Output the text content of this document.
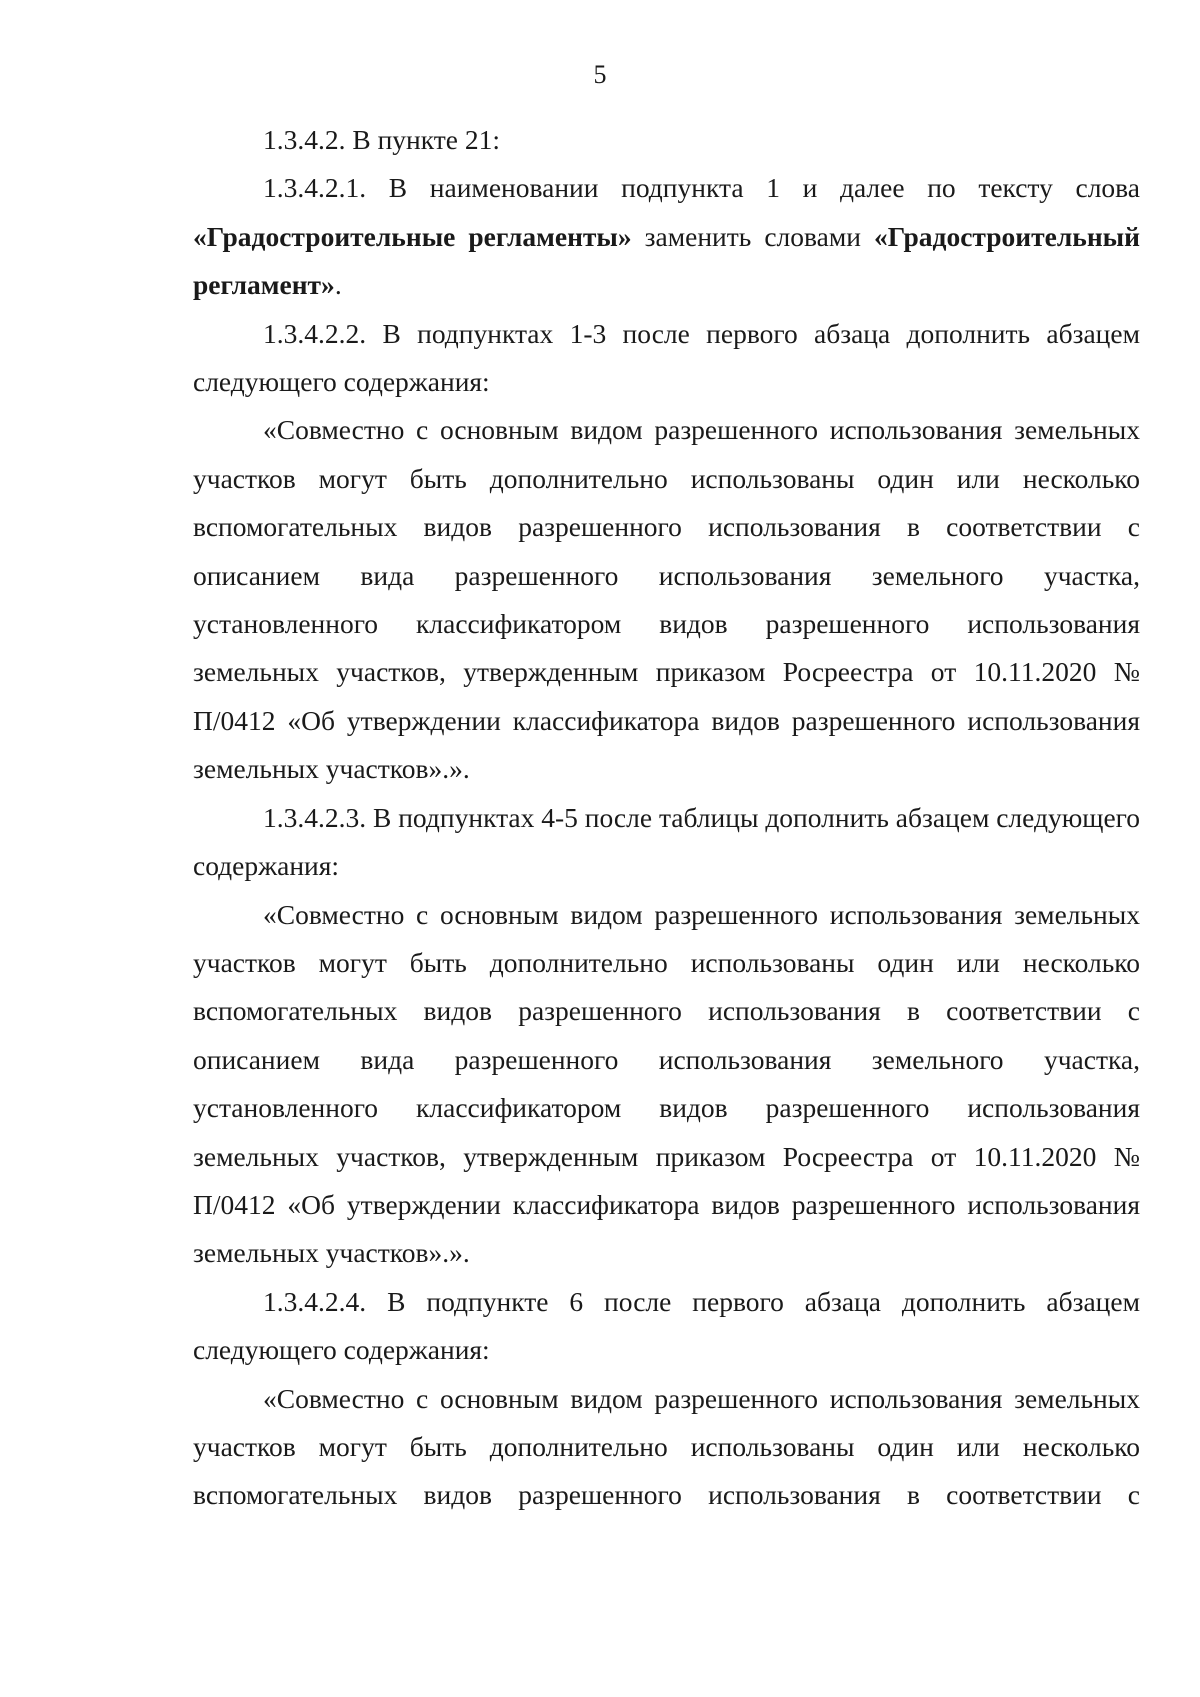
5

1.3.4.2. В пункте 21:

1.3.4.2.1. В наименовании подпункта 1 и далее по тексту слова «Градостроительные регламенты» заменить словами «Градостроительный регламент».

1.3.4.2.2. В подпунктах 1-3 после первого абзаца дополнить абзацем следующего содержания:

«Совместно с основным видом разрешенного использования земельных участков могут быть дополнительно использованы один или несколько вспомогательных видов разрешенного использования в соответствии с описанием вида разрешенного использования земельного участка, установленного классификатором видов разрешенного использования земельных участков, утвержденным приказом Росреестра от 10.11.2020 № П/0412 «Об утверждении классификатора видов разрешенного использования земельных участков».».

1.3.4.2.3. В подпунктах 4-5 после таблицы дополнить абзацем следующего содержания:

«Совместно с основным видом разрешенного использования земельных участков могут быть дополнительно использованы один или несколько вспомогательных видов разрешенного использования в соответствии с описанием вида разрешенного использования земельного участка, установленного классификатором видов разрешенного использования земельных участков, утвержденным приказом Росреестра от 10.11.2020 № П/0412 «Об утверждении классификатора видов разрешенного использования земельных участков».».

1.3.4.2.4. В подпункте 6 после первого абзаца дополнить абзацем следующего содержания:

«Совместно с основным видом разрешенного использования земельных участков могут быть дополнительно использованы один или несколько вспомогательных видов разрешенного использования в соответствии с
